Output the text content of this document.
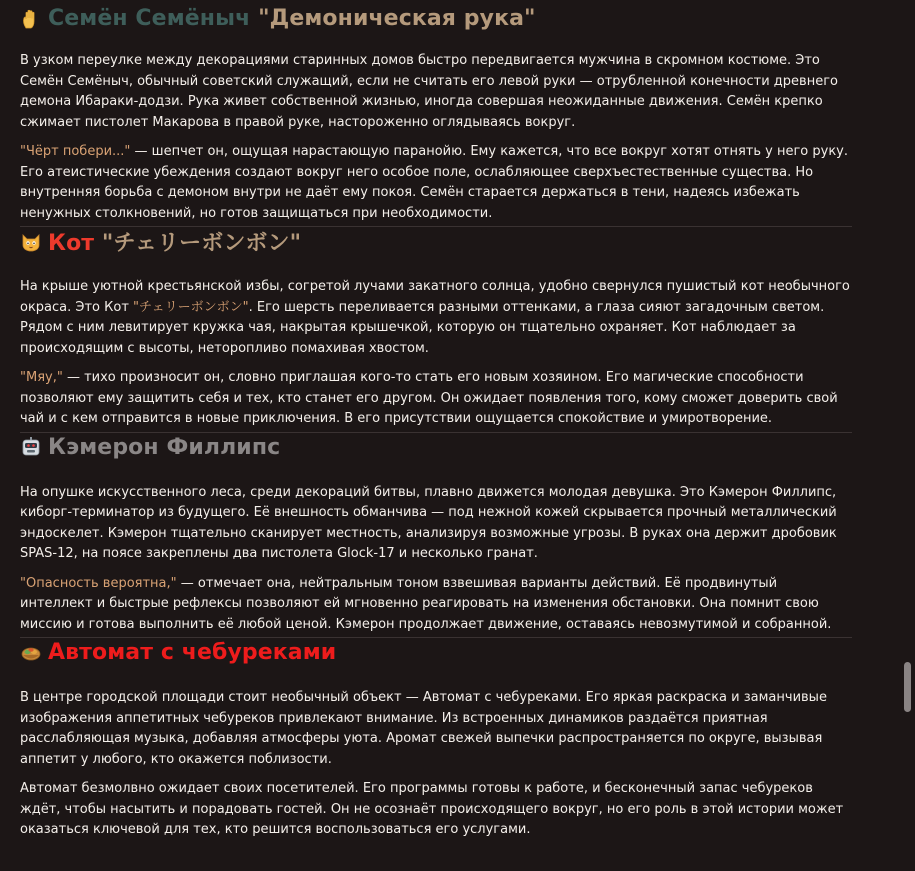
Семён Семёныч "Демоническая рука"

В узком переулке между декорациями старинных домов быстро передвигается мужчина в скромном костюме. Это Семён Семёныч, обычный советский служащий, если не считать его левой руки — отрубленной конечности древнего демона Ибараки-додзи. Рука живет собственной жизнью, иногда совершая неожиданные движения. Семён крепко сжимает пистолет Макарова в правой руке, настороженно оглядываясь вокруг.

"Чёрт побери..." — шепчет он, ощущая нарастающую паранойю. Ему кажется, что все вокруг хотят отнять у него руку. Его атеистические убеждения создают вокруг него особое поле, ослабляющее сверхъестественные существа. Но внутренняя борьба с демоном внутри не даёт ему покоя. Семён старается держаться в тени, надеясь избежать ненужных столкновений, но готов защищаться при необходимости.

Кот "チェリーボンボン"

На крыше уютной крестьянской избы, согретой лучами закатного солнца, удобно свернулся пушистый кот необычного окраса. Это Кот "チェリーボンボン". Его шерсть переливается разными оттенками, а глаза сияют загадочным светом. Рядом с ним левитирует кружка чая, накрытая крышечкой, которую он тщательно охраняет. Кот наблюдает за происходящим с высоты, неторопливо помахивая хвостом.

"Мяу," — тихо произносит он, словно приглашая кого-то стать его новым хозяином. Его магические способности позволяют ему защитить себя и тех, кто станет его другом. Он ожидает появления того, кому сможет доверить свой чай и с кем отправится в новые приключения. В его присутствии ощущается спокойствие и умиротворение.

Кэмерон Филлипс

На опушке искусственного леса, среди декораций битвы, плавно движется молодая девушка. Это Кэмерон Филлипс, киборг-терминатор из будущего. Её внешность обманчива — под нежной кожей скрывается прочный металлический эндоскелет. Кэмерон тщательно сканирует местность, анализируя возможные угрозы. В руках она держит дробовик SPAS-12, на поясе закреплены два пистолета Glock-17 и несколько гранат.

"Опасность вероятна," — отмечает она, нейтральным тоном взвешивая варианты действий. Её продвинутый интеллект и быстрые рефлексы позволяют ей мгновенно реагировать на изменения обстановки. Она помнит свою миссию и готова выполнить её любой ценой. Кэмерон продолжает движение, оставаясь невозмутимой и собранной.

Автомат с чебуреками

В центре городской площади стоит необычный объект — Автомат с чебуреками. Его яркая раскраска и заманчивые изображения аппетитных чебуреков привлекают внимание. Из встроенных динамиков раздаётся приятная расслабляющая музыка, добавляя атмосферы уюта. Аромат свежей выпечки распространяется по округе, вызывая аппетит у любого, кто окажется поблизости.

Автомат безмолвно ожидает своих посетителей. Его программы готовы к работе, и бесконечный запас чебуреков ждёт, чтобы насытить и порадовать гостей. Он не осознаёт происходящего вокруг, но его роль в этой истории может оказаться ключевой для тех, кто решится воспользоваться его услугами.
